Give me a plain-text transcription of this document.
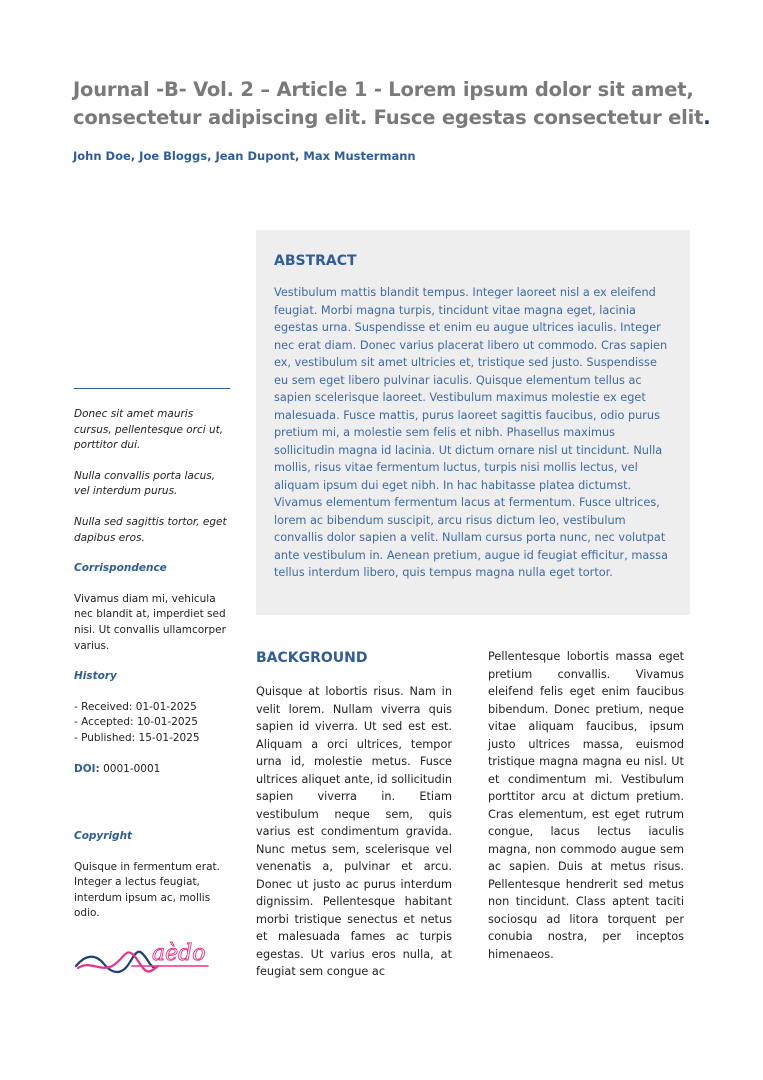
Journal -B- Vol. 2 – Article 1 - Lorem ipsum dolor sit amet, consectetur adipiscing elit. Fusce egestas consectetur elit.

John Doe, Joe Bloggs, Jean Dupont, Max Mustermann

Donec sit amet mauris cursus, pellentesque orci ut, porttitor dui.

Nulla convallis porta lacus, vel interdum purus.

Nulla sed sagittis tortor, eget dapibus eros.

Corrispondence

Vivamus diam mi, vehicula nec blandit at, imperdiet sed nisi. Ut convallis ullamcorper varius.

History

- Received: 01-01-2025

- Accepted: 10-01-2025

- Published: 15-01-2025

DOI: 0001-0001

Copyright

Quisque in fermentum erat. Integer a lectus feugiat, interdum ipsum ac, mollis odio.

aèdo
ABSTRACT

Vestibulum mattis blandit tempus. Integer laoreet nisl a ex eleifend feugiat. Morbi magna turpis, tincidunt vitae magna eget, lacinia egestas urna. Suspendisse et enim eu augue ultrices iaculis. Integer nec erat diam. Donec varius placerat libero ut commodo. Cras sapien ex, vestibulum sit amet ultricies et, tristique sed justo. Suspendisse eu sem eget libero pulvinar iaculis. Quisque elementum tellus ac sapien scelerisque laoreet. Vestibulum maximus molestie ex eget malesuada. Fusce mattis, purus laoreet sagittis faucibus, odio purus pretium mi, a molestie sem felis et nibh. Phasellus maximus sollicitudin magna id lacinia. Ut dictum ornare nisl ut tincidunt. Nulla mollis, risus vitae fermentum luctus, turpis nisi mollis lectus, vel aliquam ipsum dui eget nibh. In hac habitasse platea dictumst. Vivamus elementum fermentum lacus at fermentum. Fusce ultrices, lorem ac bibendum suscipit, arcu risus dictum leo, vestibulum convallis dolor sapien a velit. Nullam cursus porta nunc, nec volutpat ante vestibulum in. Aenean pretium, augue id feugiat efficitur, massa tellus interdum libero, quis tempus magna nulla eget tortor.

BACKGROUND

Quisque at lobortis risus. Nam in velit lorem. Nullam viverra quis sapien id viverra. Ut sed est est. Aliquam a orci ultrices, tempor urna id, molestie metus. Fusce ultrices aliquet ante, id sollicitudin sapien viverra in. Etiam vestibulum neque sem, quis varius est condimentum gravida. Nunc metus sem, scelerisque vel venenatis a, pulvinar et arcu. Donec ut justo ac purus interdum dignissim. Pellentesque habitant morbi tristique senectus et netus et malesuada fames ac turpis egestas. Ut varius eros nulla, at feugiat sem congue ac

Pellentesque lobortis massa eget pretium convallis. Vivamus eleifend felis eget enim faucibus bibendum. Donec pretium, neque vitae aliquam faucibus, ipsum justo ultrices massa, euismod tristique magna magna eu nisl. Ut et condimentum mi. Vestibulum porttitor arcu at dictum pretium. Cras elementum, est eget rutrum congue, lacus lectus iaculis magna, non commodo augue sem ac sapien. Duis at metus risus. Pellentesque hendrerit sed metus non tincidunt. Class aptent taciti sociosqu ad litora torquent per conubia nostra, per inceptos himenaeos.
